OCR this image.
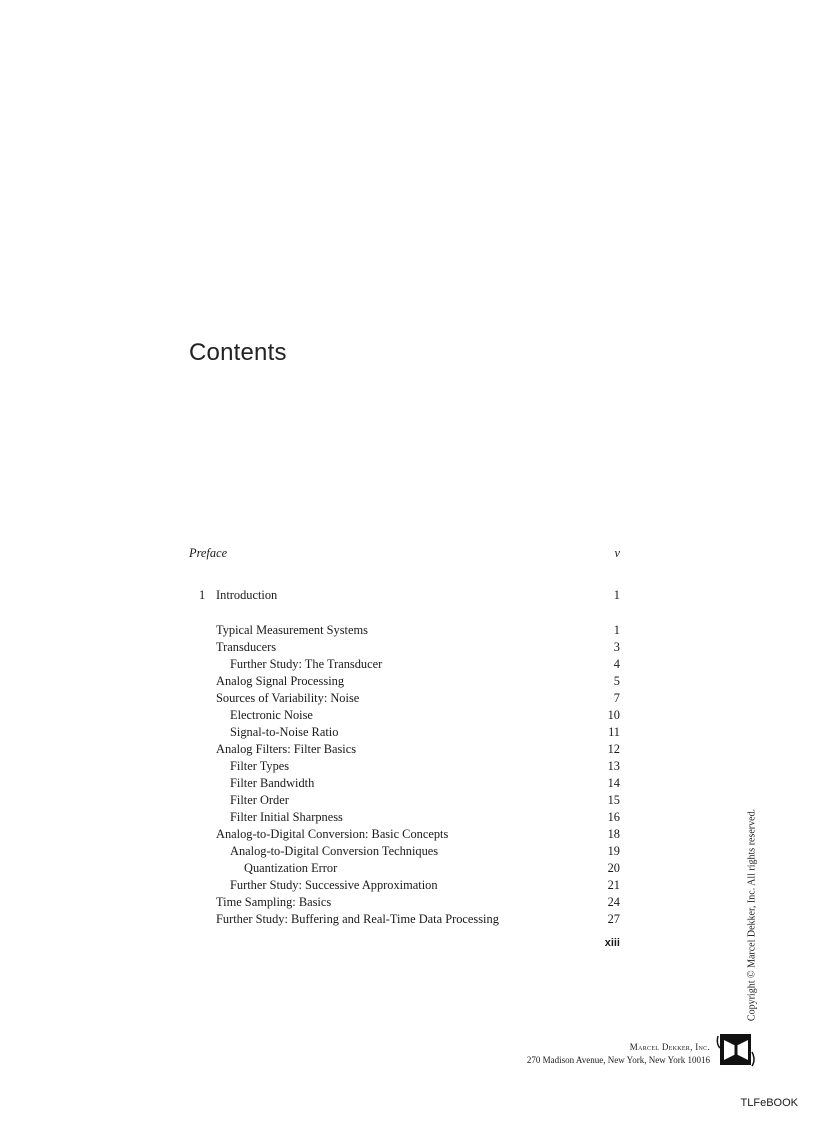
Contents
Preface	v
1 Introduction	1
Typical Measurement Systems	1
Transducers	3
Further Study: The Transducer	4
Analog Signal Processing	5
Sources of Variability: Noise	7
Electronic Noise	10
Signal-to-Noise Ratio	11
Analog Filters: Filter Basics	12
Filter Types	13
Filter Bandwidth	14
Filter Order	15
Filter Initial Sharpness	16
Analog-to-Digital Conversion: Basic Concepts	18
Analog-to-Digital Conversion Techniques	19
Quantization Error	20
Further Study: Successive Approximation	21
Time Sampling: Basics	24
Further Study: Buffering and Real-Time Data Processing	27
xiii	Copyright © Marcel Dekker, Inc. All rights reserved.
Marcel Dekker, Inc.
270 Madison Avenue, New York, New York 10016
TLFeBOOK
